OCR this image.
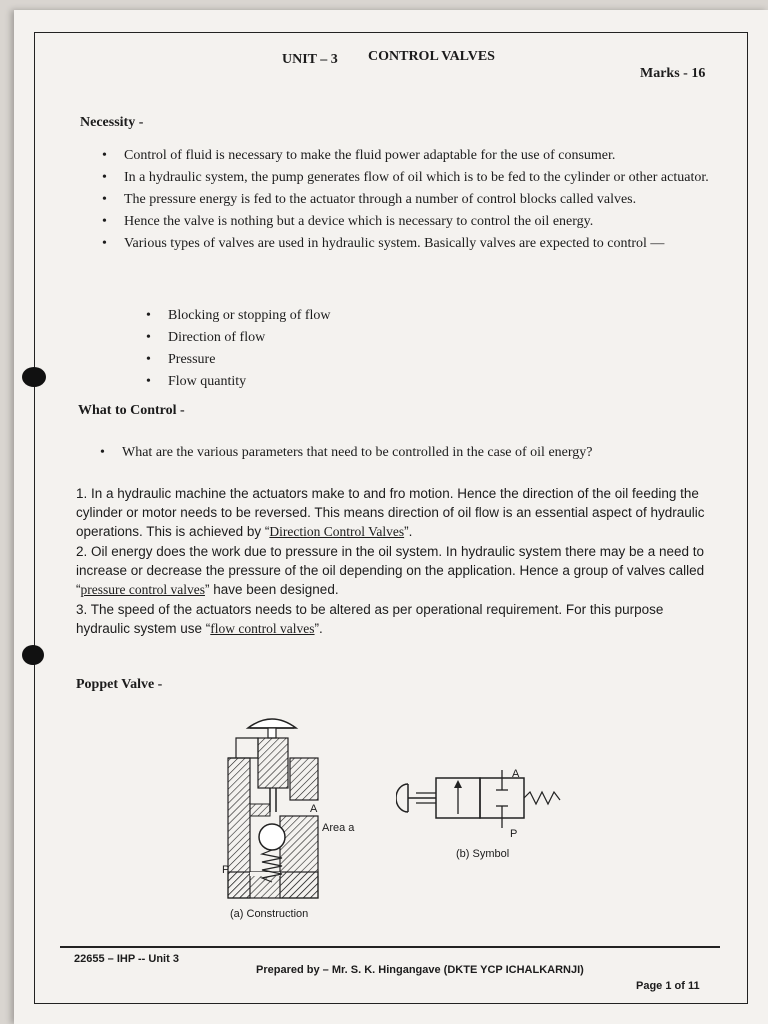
UNIT – 3 CONTROL VALVES
Marks - 16
Necessity -
• Control of fluid is necessary to make the fluid power adaptable for the use of consumer.
• In a hydraulic system, the pump generates flow of oil which is to be fed to the cylinder or other actuator.
• The pressure energy is fed to the actuator through a number of control blocks called valves.
• Hence the valve is nothing but a device which is necessary to control the oil energy.
• Various types of valves are used in hydraulic system. Basically valves are expected to control —
• Blocking or stopping of flow
• Direction of flow
• Pressure
• Flow quantity
What to Control -
• What are the various parameters that need to be controlled in the case of oil energy?
1. In a hydraulic machine the actuators make to and fro motion. Hence the direction of the oil feeding the cylinder or motor needs to be reversed. This means direction of oil flow is an essential aspect of hydraulic operations. This is achieved by “Direction Control Valves”.
2. Oil energy does the work due to pressure in the oil system. In hydraulic system there may be a need to increase or decrease the pressure of the oil depending on the application. Hence a group of valves called “pressure control valves” have been designed.
3. The speed of the actuators needs to be altered as per operational requirement. For this purpose hydraulic system use “flow control valves”.
Poppet Valve -
A
Area a
P
(a) Construction
A
P
(b) Symbol
22655 – IHP -- Unit 3
Prepared by – Mr. S. K. Hingangave (DKTE YCP ICHALKARNJI)
Page 1 of 11
